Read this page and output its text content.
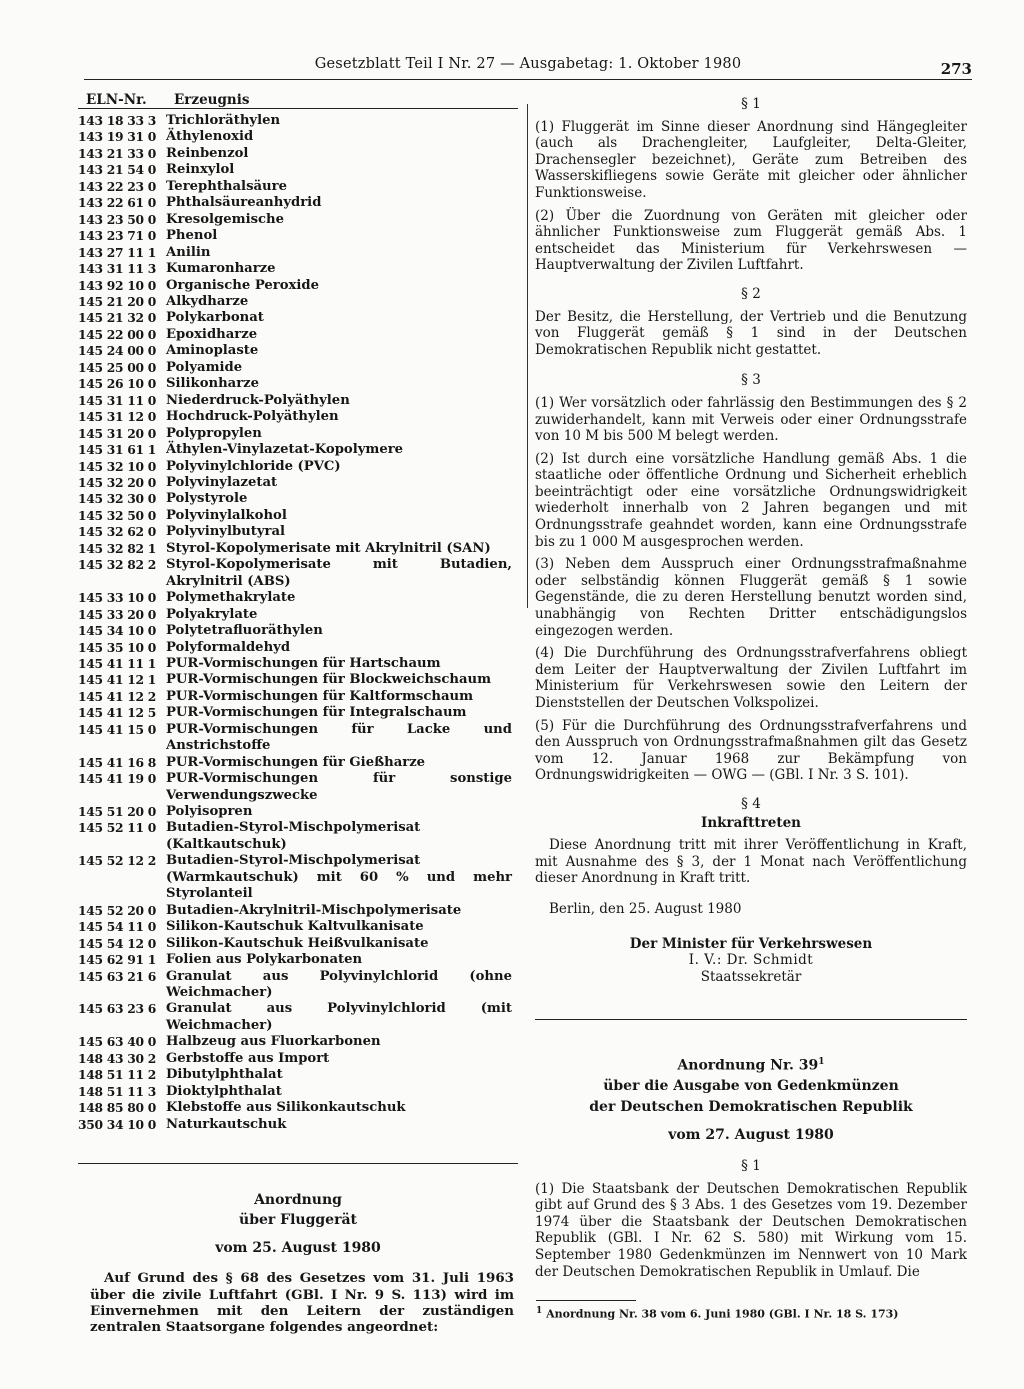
Gesetzblatt Teil I Nr. 27 — Ausgabetag: 1. Oktober 1980	273
ELN-Nr. Erzeugnis
143 18 33 3 Trichloräthylen
143 19 31 0 Äthylenoxid
143 21 33 0 Reinbenzol
143 21 54 0 Reinxylol
143 22 23 0 Terephthalsäure
143 22 61 0 Phthalsäureanhydrid
143 23 50 0 Kresolgemische
143 23 71 0 Phenol
143 27 11 1 Anilin
143 31 11 3 Kumaronharze
143 92 10 0 Organische Peroxide
145 21 20 0 Alkydharze
145 21 32 0 Polykarbonat
145 22 00 0 Epoxidharze
145 24 00 0 Aminoplaste
145 25 00 0 Polyamide
145 26 10 0 Silikonharze
145 31 11 0 Niederdruck-Polyäthylen
145 31 12 0 Hochdruck-Polyäthylen
145 31 20 0 Polypropylen
145 31 61 1 Äthylen-Vinylazetat-Kopolymere
145 32 10 0 Polyvinylchloride (PVC)
145 32 20 0 Polyvinylazetat
145 32 30 0 Polystyrole
145 32 50 0 Polyvinylalkohol
145 32 62 0 Polyvinylbutyral
145 32 82 1 Styrol-Kopolymerisate mit Akrylnitril (SAN)
145 32 82 2 Styrol-Kopolymerisate mit Butadien, Akrylnitril (ABS)
145 33 10 0 Polymethakrylate
145 33 20 0 Polyakrylate
145 34 10 0 Polytetrafluoräthylen
145 35 10 0 Polyformaldehyd
145 41 11 1 PUR-Vormischungen für Hartschaum
145 41 12 1 PUR-Vormischungen für Blockweichschaum
145 41 12 2 PUR-Vormischungen für Kaltformschaum
145 41 12 5 PUR-Vormischungen für Integralschaum
145 41 15 0 PUR-Vormischungen für Lacke und Anstrichstoffe
145 41 16 8 PUR-Vormischungen für Gießharze
145 41 19 0 PUR-Vormischungen für sonstige Verwendungszwecke
145 51 20 0 Polyisopren
145 52 11 0 Butadien-Styrol-Mischpolymerisat (Kaltkautschuk)
145 52 12 2 Butadien-Styrol-Mischpolymerisat (Warmkautschuk) mit 60 % und mehr Styrolanteil
145 52 20 0 Butadien-Akrylnitril-Mischpolymerisate
145 54 11 0 Silikon-Kautschuk Kaltvulkanisate
145 54 12 0 Silikon-Kautschuk Heißvulkanisate
145 62 91 1 Folien aus Polykarbonaten
145 63 21 6 Granulat aus Polyvinylchlorid (ohne Weichmacher)
145 63 23 6 Granulat aus Polyvinylchlorid (mit Weichmacher)
145 63 40 0 Halbzeug aus Fluorkarbonen
148 43 30 2 Gerbstoffe aus Import
148 51 11 2 Dibutylphthalat
148 51 11 3 Dioktylphthalat
148 85 80 0 Klebstoffe aus Silikonkautschuk
350 34 10 0 Naturkautschuk
Anordnung
über Fluggerät
vom 25. August 1980
Auf Grund des § 68 des Gesetzes vom 31. Juli 1963 über die zivile Luftfahrt (GBl. I Nr. 9 S. 113) wird im Einvernehmen mit den Leitern der zuständigen zentralen Staatsorgane folgendes angeordnet:
§ 1
(1) Fluggerät im Sinne dieser Anordnung sind Hängegleiter (auch als Drachengleiter, Laufgleiter, Delta-Gleiter, Drachensegler bezeichnet), Geräte zum Betreiben des Wasserskifliegens sowie Geräte mit gleicher oder ähnlicher Funktionsweise.
(2) Über die Zuordnung von Geräten mit gleicher oder ähnlicher Funktionsweise zum Fluggerät gemäß Abs. 1 entscheidet das Ministerium für Verkehrswesen — Hauptverwaltung der Zivilen Luftfahrt.
§ 2
Der Besitz, die Herstellung, der Vertrieb und die Benutzung von Fluggerät gemäß § 1 sind in der Deutschen Demokratischen Republik nicht gestattet.
§ 3
(1) Wer vorsätzlich oder fahrlässig den Bestimmungen des § 2 zuwiderhandelt, kann mit Verweis oder einer Ordnungsstrafe von 10 M bis 500 M belegt werden.
(2) Ist durch eine vorsätzliche Handlung gemäß Abs. 1 die staatliche oder öffentliche Ordnung und Sicherheit erheblich beeinträchtigt oder eine vorsätzliche Ordnungswidrigkeit wiederholt innerhalb von 2 Jahren begangen und mit Ordnungsstrafe geahndet worden, kann eine Ordnungsstrafe bis zu 1 000 M ausgesprochen werden.
(3) Neben dem Ausspruch einer Ordnungsstrafmaßnahme oder selbständig können Fluggerät gemäß § 1 sowie Gegenstände, die zu deren Herstellung benutzt worden sind, unabhängig von Rechten Dritter entschädigungslos eingezogen werden.
(4) Die Durchführung des Ordnungsstrafverfahrens obliegt dem Leiter der Hauptverwaltung der Zivilen Luftfahrt im Ministerium für Verkehrswesen sowie den Leitern der Dienststellen der Deutschen Volkspolizei.
(5) Für die Durchführung des Ordnungsstrafverfahrens und den Ausspruch von Ordnungsstrafmaßnahmen gilt das Gesetz vom 12. Januar 1968 zur Bekämpfung von Ordnungswidrigkeiten — OWG — (GBl. I Nr. 3 S. 101).
§ 4
Inkrafttreten
Diese Anordnung tritt mit ihrer Veröffentlichung in Kraft, mit Ausnahme des § 3, der 1 Monat nach Veröffentlichung dieser Anordnung in Kraft tritt.
Berlin, den 25. August 1980
Der Minister für Verkehrswesen
I. V.: Dr. Schmidt
Staatssekretär
Anordnung Nr. $39^1$
über die Ausgabe von Gedenkmünzen
der Deutschen Demokratischen Republik
vom 27. August 1980
§ 1
(1) Die Staatsbank der Deutschen Demokratischen Republik gibt auf Grund des § 3 Abs. 1 des Gesetzes vom 19. Dezember 1974 über die Staatsbank der Deutschen Demokratischen Republik (GBl. I Nr. 62 S. 580) mit Wirkung vom 15. September 1980 Gedenkmünzen im Nennwert von 10 Mark der Deutschen Demokratischen Republik in Umlauf. Die
$^1$ Anordnung Nr. 38 vom 6. Juni 1980 (GBl. I Nr. 18 S. 173)
